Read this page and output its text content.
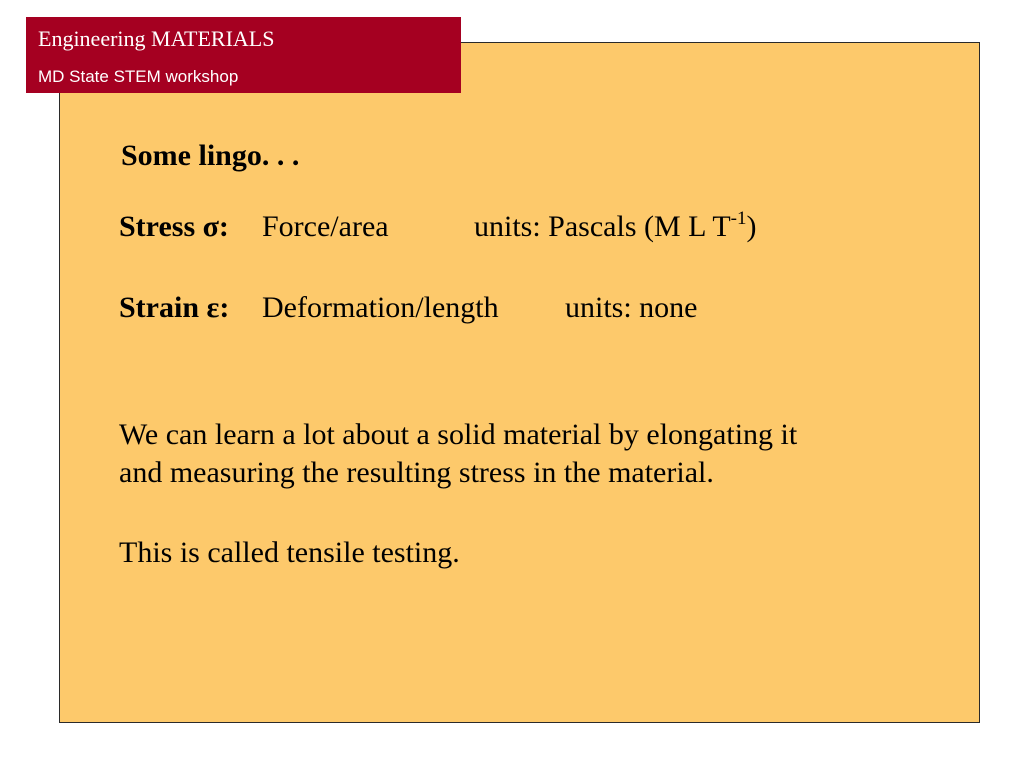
Engineering MATERIALS
MD State STEM workshop
Some lingo. . .
Stress σ: Force/area	units: Pascals (M L $T^{-1}$)
Strain ε: Deformation/length units: none
We can learn a lot about a solid material by elongating it
and measuring the resulting stress in the material.
This is called tensile testing.
